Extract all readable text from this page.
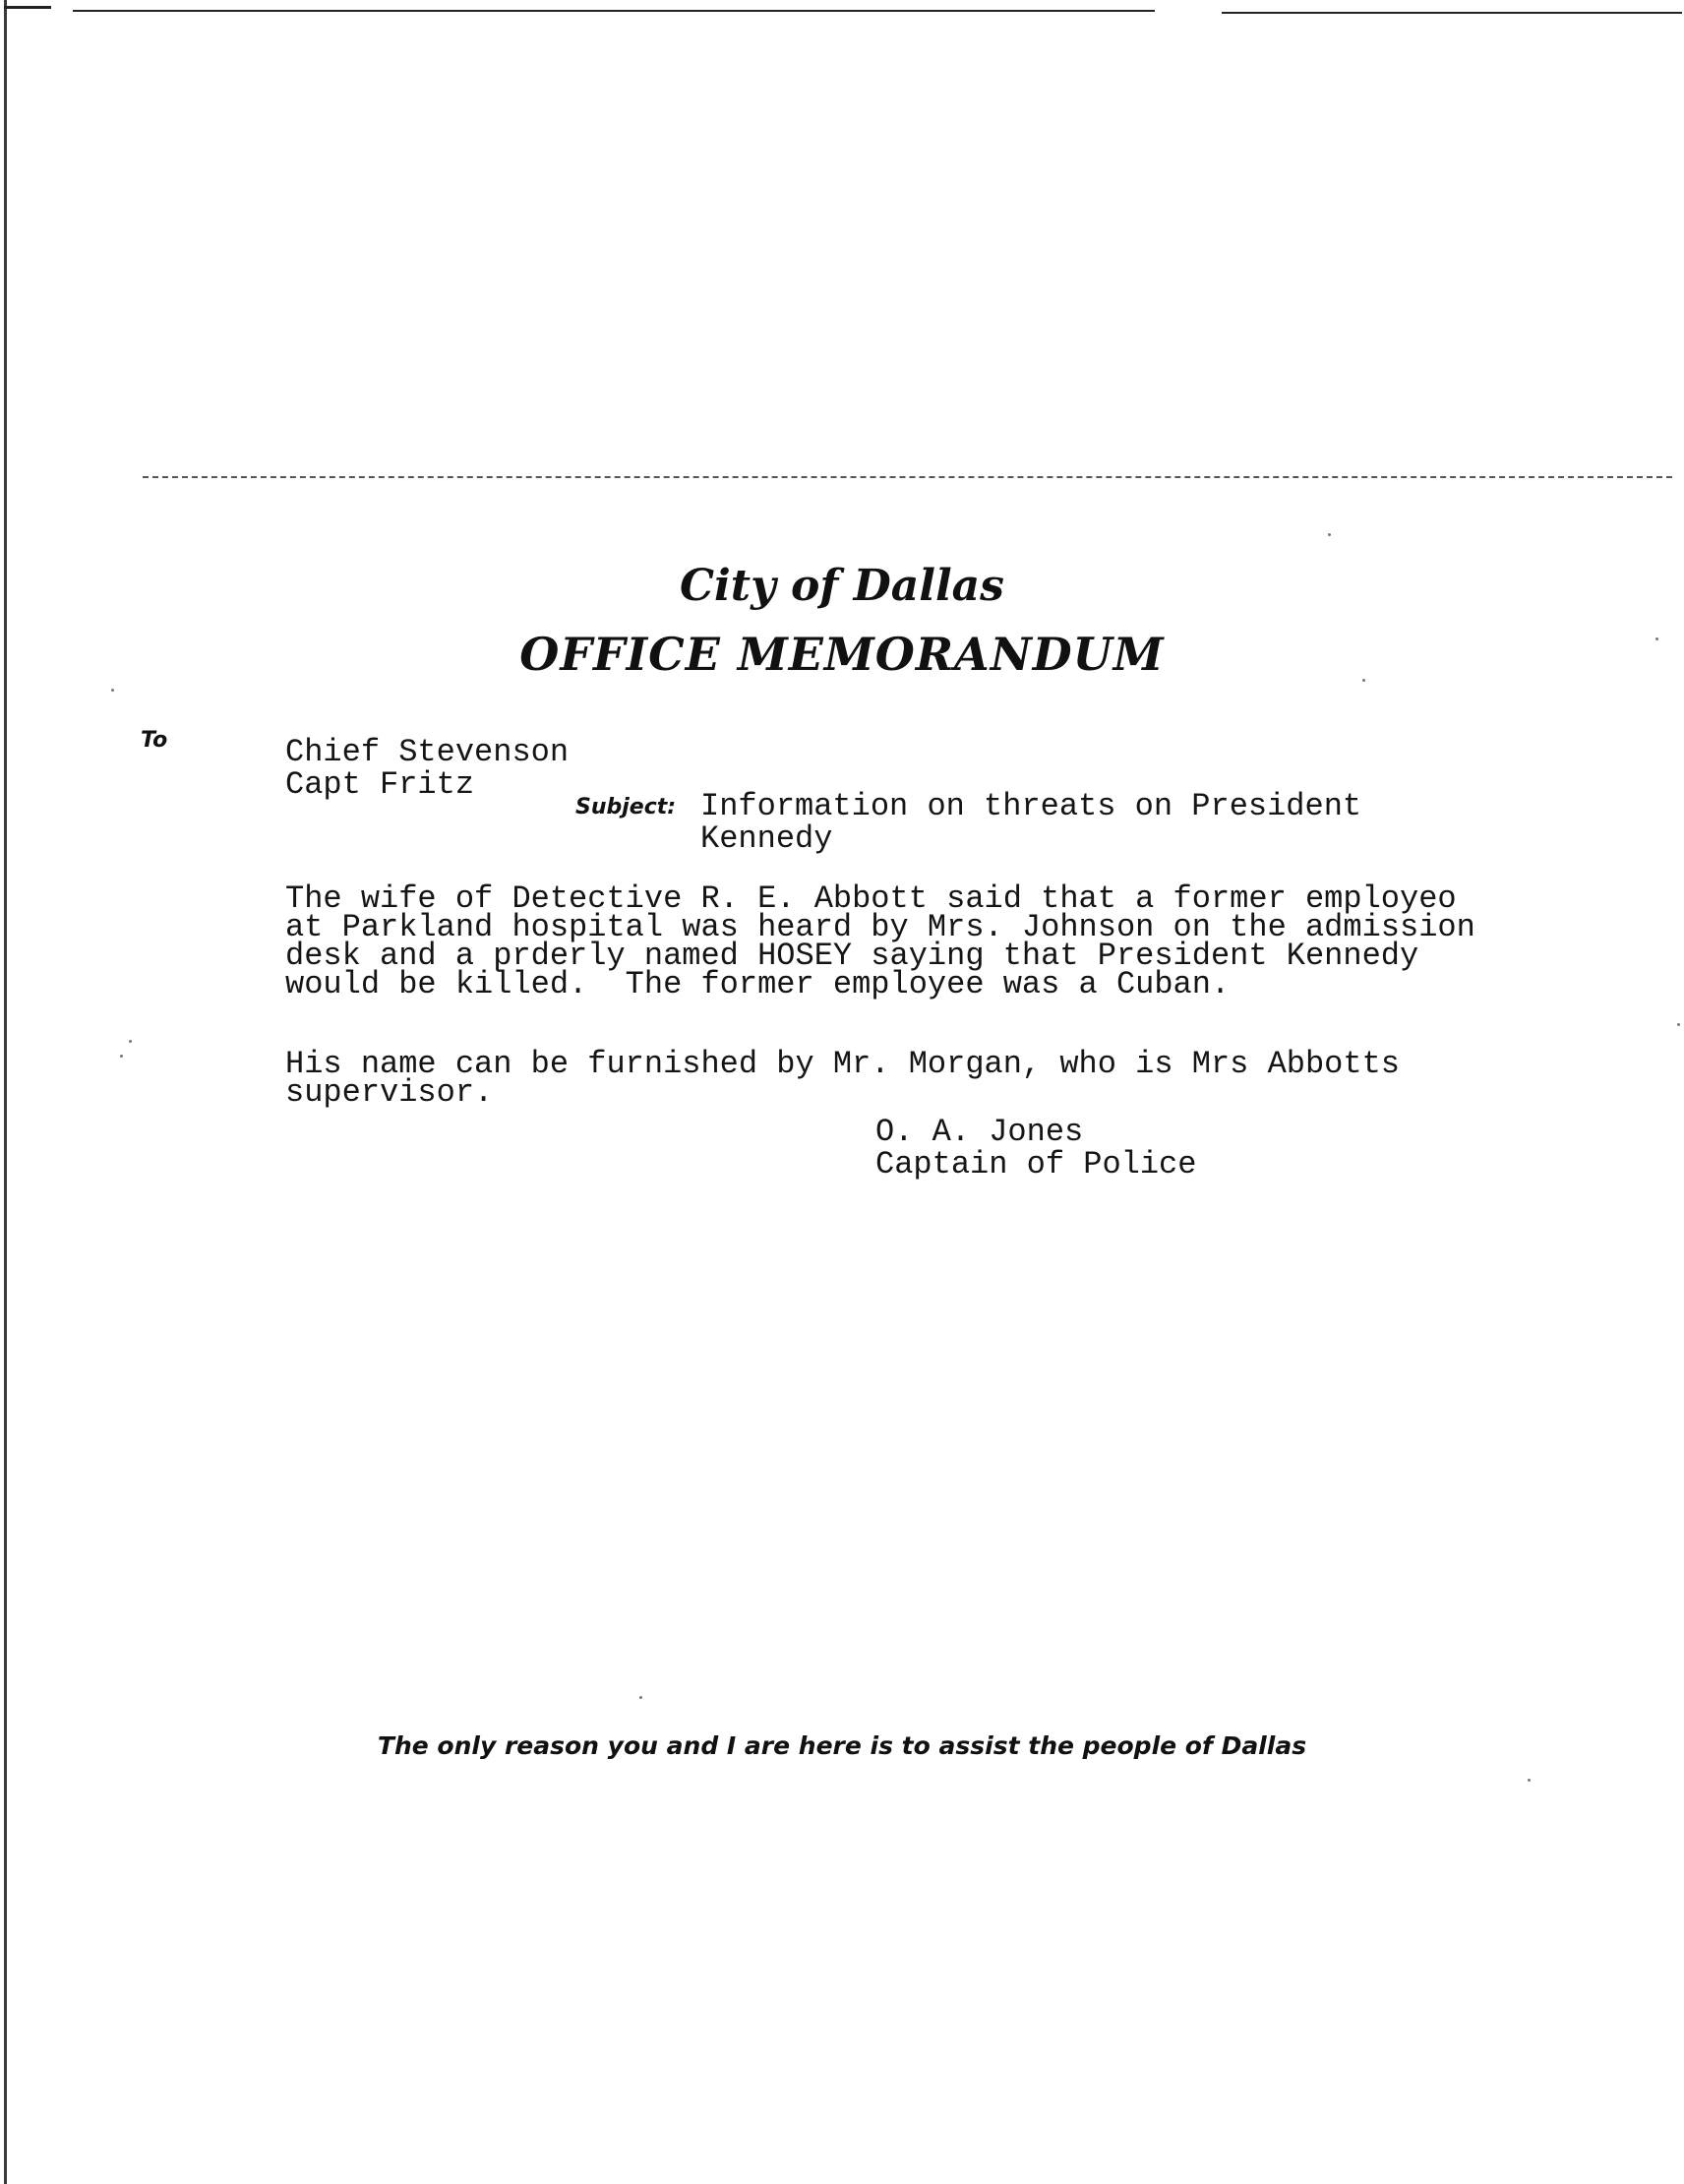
City of Dallas
OFFICE MEMORANDUM
To	Chief Stevenson
Capt Fritz
Subject: Information on threats on President
Kennedy
The wife of Detective R. E. Abbott said that a former employeo
at Parkland hospital was heard by Mrs. Johnson on the admission
desk and a prderly named HOSEY saying that President Kennedy
would be killed.  The former employee was a Cuban.
His name can be furnished by Mr. Morgan, who is Mrs Abbotts
supervisor.
O. A. Jones
Captain of Police
The only reason you and I are here is to assist the people of Dallas
